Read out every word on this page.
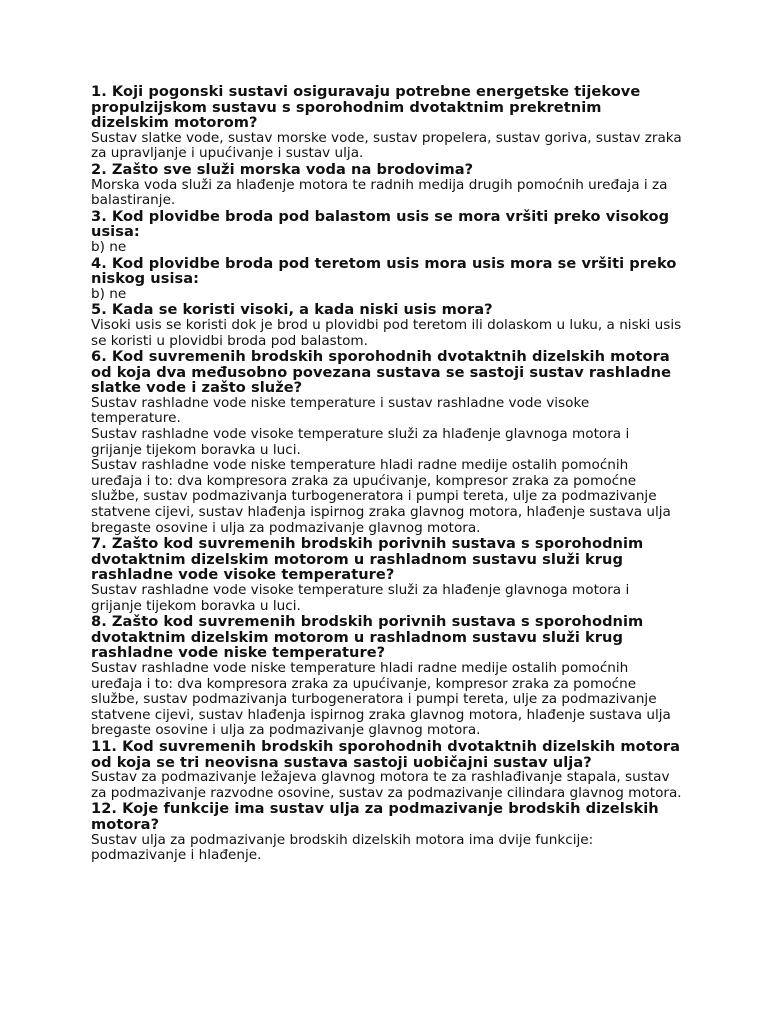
1. Koji pogonski sustavi osiguravaju potrebne energetske tijekove propulzijskom sustavu s sporohodnim dvotaktnim prekretnim dizelskim motorom?

Sustav slatke vode, sustav morske vode, sustav propelera, sustav goriva, sustav zraka za upravljanje i upućivanje i sustav ulja.

2. Zašto sve služi morska voda na brodovima?

Morska voda služi za hlađenje motora te radnih medija drugih pomoćnih uređaja i za balastiranje.

3. Kod plovidbe broda pod balastom usis se mora vršiti preko visokog usisa:

b) ne

4. Kod plovidbe broda pod teretom usis mora usis mora se vršiti preko niskog usisa:

b) ne

5. Kada se koristi visoki, a kada niski usis mora?

Visoki usis se koristi dok je brod u plovidbi pod teretom ili dolaskom u luku, a niski usis se koristi u plovidbi broda pod balastom.

6. Kod suvremenih brodskih sporohodnih dvotaktnih dizelskih motora od koja dva međusobno povezana sustava se sastoji sustav rashladne slatke vode i zašto služe?

Sustav rashladne vode niske temperature i sustav rashladne vode visoke temperature.

Sustav rashladne vode visoke temperature služi za hlađenje glavnoga motora i grijanje tijekom boravka u luci.

Sustav rashladne vode niske temperature hladi radne medije ostalih pomoćnih uređaja i to: dva kompresora zraka za upućivanje, kompresor zraka za pomoćne službe, sustav podmazivanja turbogeneratora i pumpi tereta, ulje za podmazivanje statvene cijevi, sustav hlađenja ispirnog zraka glavnog motora, hlađenje sustava ulja bregaste osovine i ulja za podmazivanje glavnog motora.

7. Zašto kod suvremenih brodskih porivnih sustava s sporohodnim dvotaktnim dizelskim motorom u rashladnom sustavu služi krug rashladne vode visoke temperature?

Sustav rashladne vode visoke temperature služi za hlađenje glavnoga motora i grijanje tijekom boravka u luci.

8. Zašto kod suvremenih brodskih porivnih sustava s sporohodnim dvotaktnim dizelskim motorom u rashladnom sustavu služi krug rashladne vode niske temperature?

Sustav rashladne vode niske temperature hladi radne medije ostalih pomoćnih uređaja i to: dva kompresora zraka za upućivanje, kompresor zraka za pomoćne službe, sustav podmazivanja turbogeneratora i pumpi tereta, ulje za podmazivanje statvene cijevi, sustav hlađenja ispirnog zraka glavnog motora, hlađenje sustava ulja bregaste osovine i ulja za podmazivanje glavnog motora.

11. Kod suvremenih brodskih sporohodnih dvotaktnih dizelskih motora od koja se tri neovisna sustava sastoji uobičajni sustav ulja?

Sustav za podmazivanje ležajeva glavnog motora te za rashlađivanje stapala, sustav za podmazivanje razvodne osovine, sustav za podmazivanje cilindara glavnog motora.

12. Koje funkcije ima sustav ulja za podmazivanje brodskih dizelskih motora?

Sustav ulja za podmazivanje brodskih dizelskih motora ima dvije funkcije: podmazivanje i hlađenje.
